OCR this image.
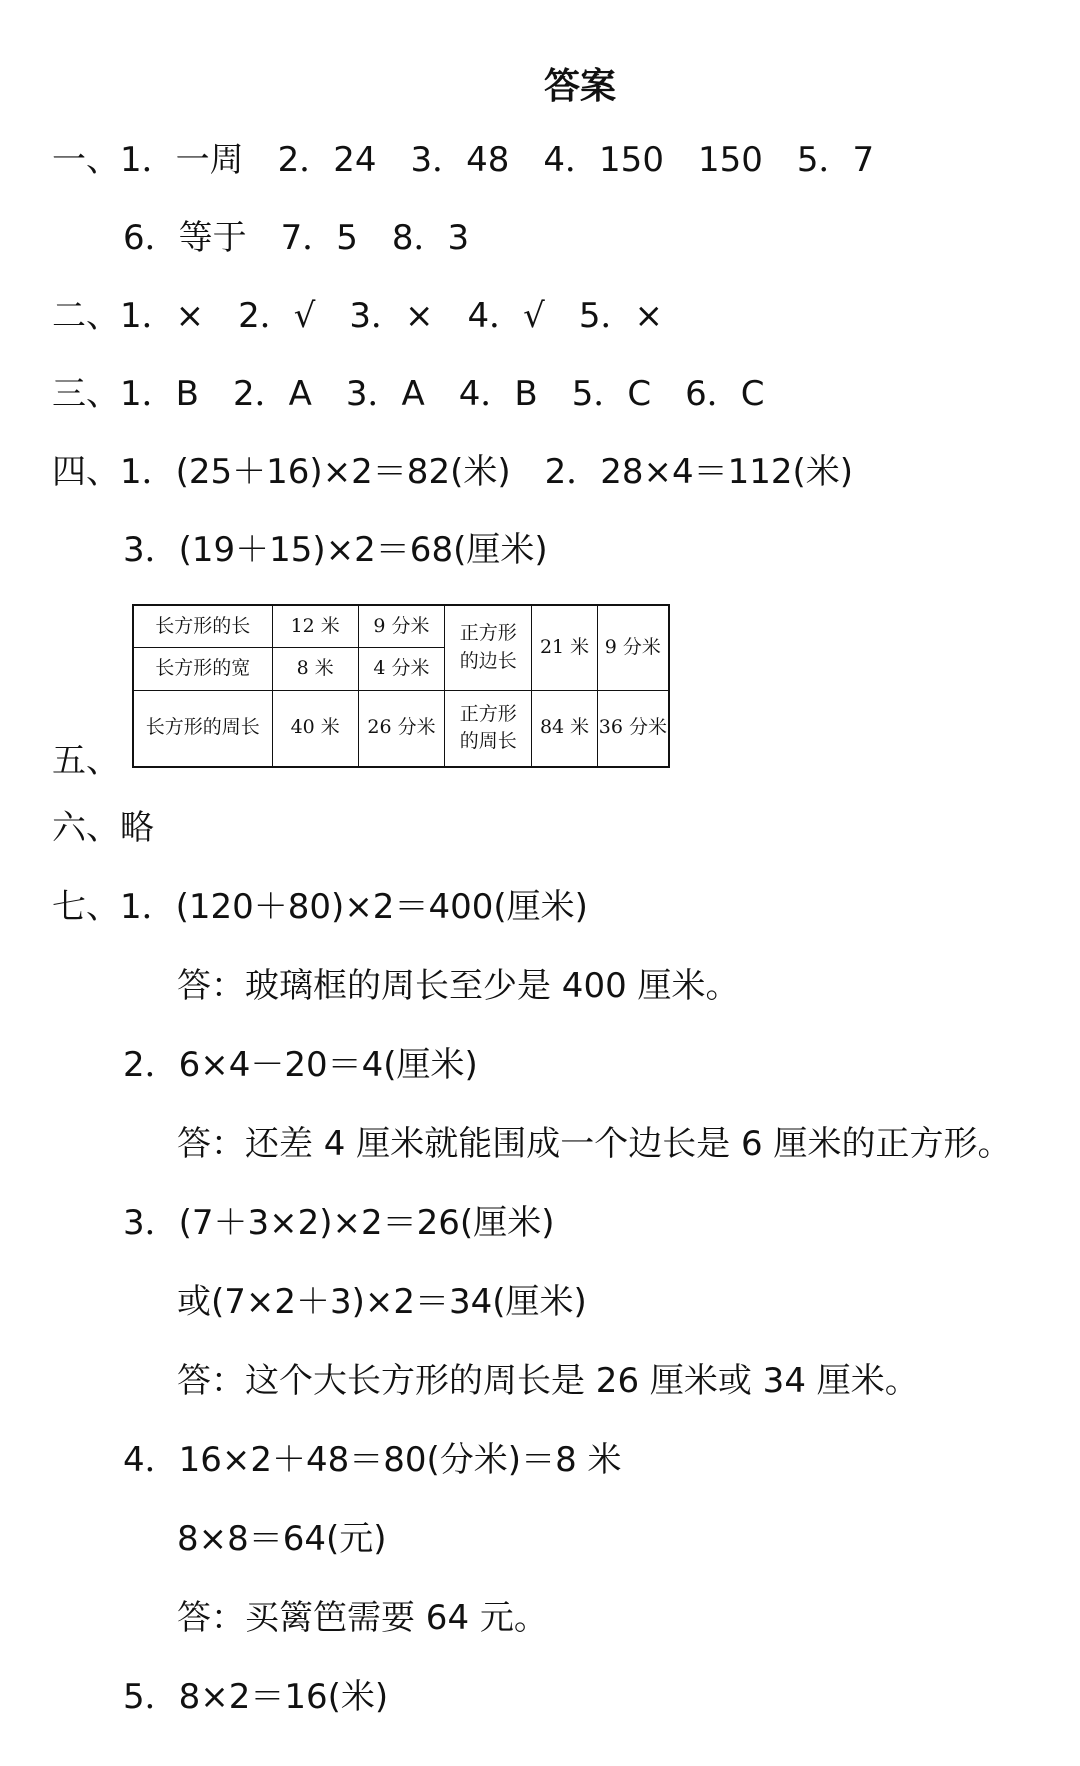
答案
一、1．一周　2．24　3．48　4．150　150　5．7
6．等于　7．5　8．3
二、1．×　2．√　3．×　4．√　5．×
三、1．B　2．A　3．A　4．B　5．C　6．C
四、1．(25＋16)×2＝82(米)　2．28×4＝112(米)
3．(19＋15)×2＝68(厘米)
五、
长方形的长	12 米	9 分米	正方形的边长	21 米	9 分米
长方形的宽	8 米	4 分米			
长方形的周长	40 米	26 分米	正方形的周长	84 米	36 分米
六、略
七、1．(120＋80)×2＝400(厘米)
答：玻璃框的周长至少是 400 厘米。
2．6×4－20＝4(厘米)
答：还差 4 厘米就能围成一个边长是 6 厘米的正方形。
3．(7＋3×2)×2＝26(厘米)
或(7×2＋3)×2＝34(厘米)
答：这个大长方形的周长是 26 厘米或 34 厘米。
4．16×2＋48＝80(分米)＝8 米
8×8＝64(元)
答：买篱笆需要 64 元。
5．8×2＝16(米)
